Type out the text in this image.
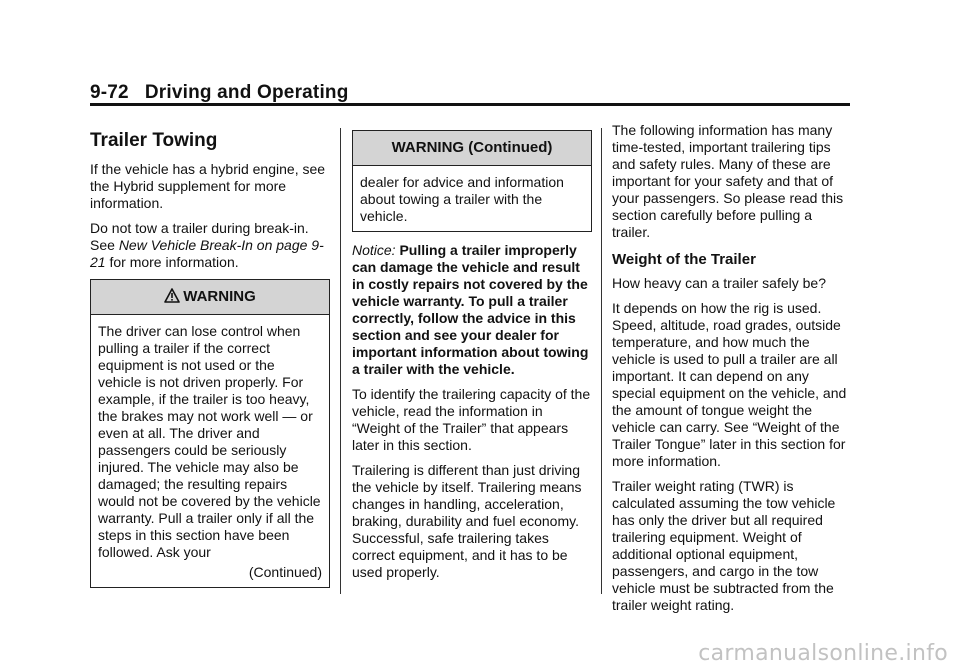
9-72 Driving and Operating
Trailer Towing

If the vehicle has a hybrid engine, see the Hybrid supplement for more information.

Do not tow a trailer during break-in. See New Vehicle Break-In on page 9-21 for more information.

WARNING
The driver can lose control when pulling a trailer if the correct equipment is not used or the vehicle is not driven properly. For example, if the trailer is too heavy, the brakes may not work well — or even at all. The driver and passengers could be seriously injured. The vehicle may also be damaged; the resulting repairs would not be covered by the vehicle warranty. Pull a trailer only if all the steps in this section have been followed. Ask your
(Continued)
WARNING (Continued)
dealer for advice and information about towing a trailer with the vehicle.

Notice: Pulling a trailer improperly can damage the vehicle and result in costly repairs not covered by the vehicle warranty. To pull a trailer correctly, follow the advice in this section and see your dealer for important information about towing a trailer with the vehicle.

To identify the trailering capacity of the vehicle, read the information in “Weight of the Trailer” that appears later in this section.

Trailering is different than just driving the vehicle by itself. Trailering means changes in handling, acceleration, braking, durability and fuel economy. Successful, safe trailering takes correct equipment, and it has to be used properly.

The following information has many time-tested, important trailering tips and safety rules. Many of these are important for your safety and that of your passengers. So please read this section carefully before pulling a trailer.

Weight of the Trailer

How heavy can a trailer safely be?

It depends on how the rig is used. Speed, altitude, road grades, outside temperature, and how much the vehicle is used to pull a trailer are all important. It can depend on any special equipment on the vehicle, and the amount of tongue weight the vehicle can carry. See “Weight of the Trailer Tongue” later in this section for more information.

Trailer weight rating (TWR) is calculated assuming the tow vehicle has only the driver but all required trailering equipment. Weight of additional optional equipment, passengers, and cargo in the tow vehicle must be subtracted from the trailer weight rating.

carmanualsonline.info
